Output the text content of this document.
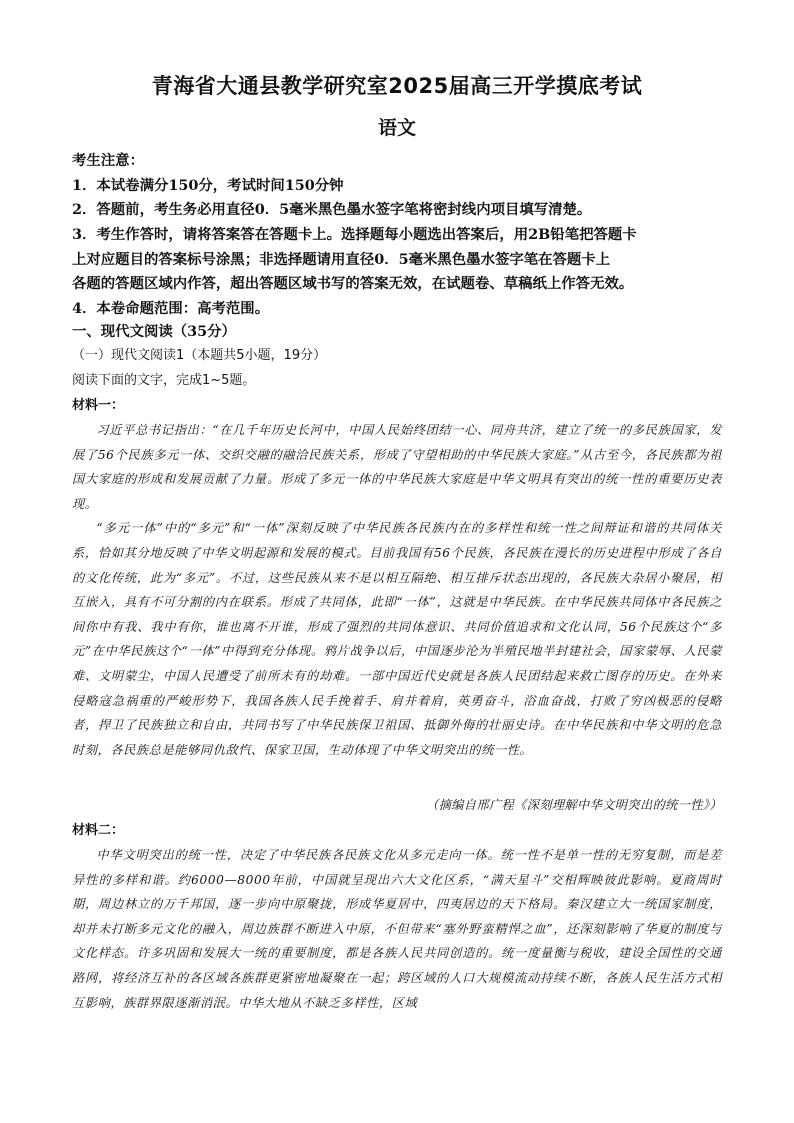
青海省大通县教学研究室2025届高三开学摸底考试
语文
考生注意：
1．本试卷满分150分，考试时间150分钟
2．答题前，考生务必用直径0．5毫米黑色墨水签字笔将密封线内项目填写清楚。
3．考生作答时，请将答案答在答题卡上。选择题每小题选出答案后，用2B铅笔把答题卡
上对应题目的答案标号涂黑；非选择题请用直径0．5毫米黑色墨水签字笔在答题卡上
各题的答题区域内作答，超出答题区域书写的答案无效，在试题卷、草稿纸上作答无效。
4．本卷命题范围：高考范围。
一、现代文阅读（35分）
（一）现代文阅读1（本题共5小题，19分）
阅读下面的文字，完成1~5题。
材料一：

习近平总书记指出：“在几千年历史长河中，中国人民始终团结一心、同舟共济，建立了统一的多民族国家，发展了56个民族多元一体、交织交融的融洽民族关系，形成了守望相助的中华民族大家庭。”从古至今，各民族都为祖国大家庭的形成和发展贡献了力量。形成了多元一体的中华民族大家庭是中华文明具有突出的统一性的重要历史表现。

“多元一体”中的“多元”和“一体”深刻反映了中华民族各民族内在的多样性和统一性之间辩证和谐的共同体关系，恰如其分地反映了中华文明起源和发展的模式。目前我国有56个民族，各民族在漫长的历史进程中形成了各自的文化传统，此为“多元”。不过，这些民族从来不是以相互隔绝、相互排斥状态出现的，各民族大杂居小聚居，相互嵌入，具有不可分割的内在联系。形成了共同体，此即“一体”，这就是中华民族。在中华民族共同体中各民族之间你中有我、我中有你，谁也离不开谁，形成了强烈的共同体意识、共同价值追求和文化认同，56个民族这个“多元”在中华民族这个“一体”中得到充分体现。鸦片战争以后，中国逐步沦为半殖民地半封建社会，国家蒙辱、人民蒙难、文明蒙尘，中国人民遭受了前所未有的劫难。一部中国近代史就是各族人民团结起来救亡图存的历史。在外来侵略寇急祸重的严峻形势下，我国各族人民手挽着手、肩并着肩，英勇奋斗，浴血奋战，打败了穷凶极恶的侵略者，捍卫了民族独立和自由，共同书写了中华民族保卫祖国、抵御外侮的壮丽史诗。在中华民族和中华文明的危急时刻，各民族总是能够同仇敌忾、保家卫国，生动体现了中华文明突出的统一性。

（摘编自邢广程《深刻理解中华文明突出的统一性》）
材料二：

中华文明突出的统一性，决定了中华民族各民族文化从多元走向一体。统一性不是单一性的无穷复制，而是差异性的多样和谐。约6000—8000年前，中国就呈现出六大文化区系，“满天星斗”交相辉映彼此影响。夏商周时期，周边林立的万千邦国，逐一步向中原聚拢，形成华夏居中，四夷居边的天下格局。秦汉建立大一统国家制度，却并未打断多元文化的融入，周边族群不断进入中原，不但带来“塞外野蛮精悍之血”，还深刻影响了华夏的制度与文化样态。许多巩固和发展大一统的重要制度，都是各族人民共同创造的。统一度量衡与税收，建设全国性的交通路网，将经济互补的各区域各族群更紧密地凝聚在一起；跨区域的人口大规模流动持续不断，各族人民生活方式相互影响，族群界限逐渐消泯。中华大地从不缺乏多样性，区域
